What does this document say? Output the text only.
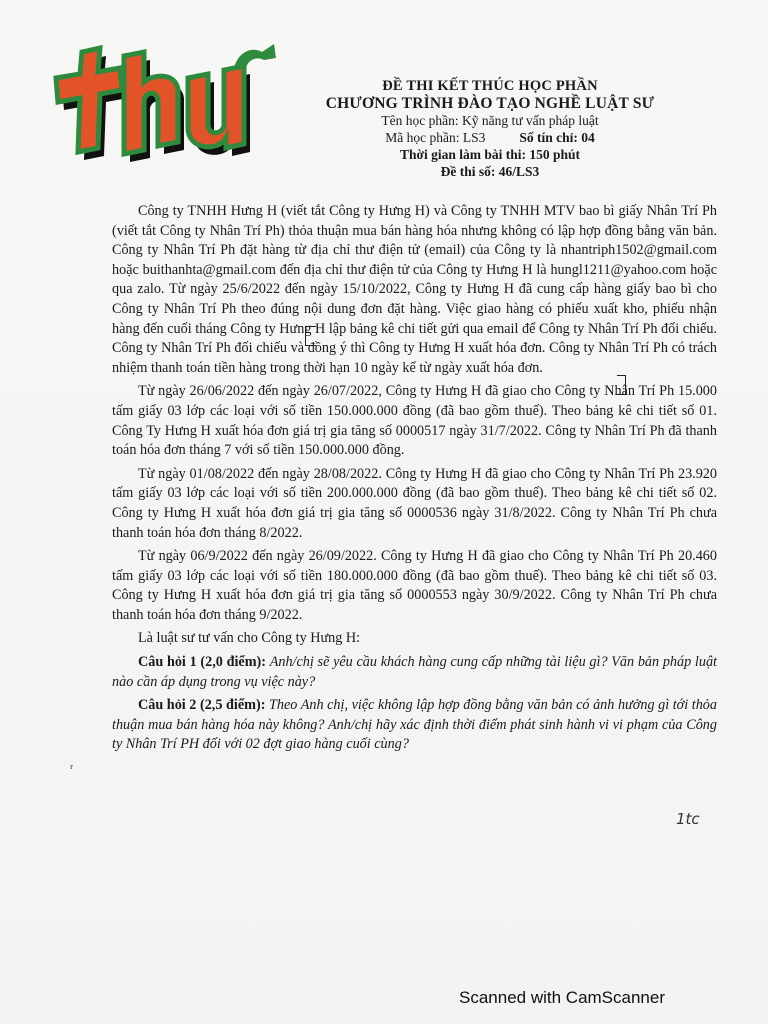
ĐỀ THI KẾT THÚC HỌC PHẦN
CHƯƠNG TRÌNH ĐÀO TẠO NGHỀ LUẬT SƯ
Tên học phần: Kỹ năng tư vấn pháp luật
Mã học phần: LS3	Số tín chỉ: 04
Thời gian làm bài thi: 150 phút
Đề thi số: 46/LS3

Công ty TNHH Hưng H (viết tắt Công ty Hưng H) và Công ty TNHH MTV bao bì giấy Nhân Trí Ph (viết tắt Công ty Nhân Trí Ph) thỏa thuận mua bán hàng hóa nhưng không có lập hợp đồng bằng văn bản. Công ty Nhân Trí Ph đặt hàng từ địa chỉ thư điện tử (email) của Công ty là nhantriph1502@gmail.com hoặc buithanhta@gmail.com đến địa chỉ thư điện tử của Công ty Hưng H là hungl1211@yahoo.com hoặc qua zalo. Từ ngày 25/6/2022 đến ngày 15/10/2022, Công ty Hưng H đã cung cấp hàng giấy bao bì cho Công ty Nhân Trí Ph theo đúng nội dung đơn đặt hàng. Việc giao hàng có phiếu xuất kho, phiếu nhận hàng đến cuối tháng Công ty Hưng H lập bảng kê chi tiết gửi qua email để Công ty Nhân Trí Ph đối chiếu. Công ty Nhân Trí Ph đối chiếu và đồng ý thì Công ty Hưng H xuất hóa đơn. Công ty Nhân Trí Ph có trách nhiệm thanh toán tiền hàng trong thời hạn 10 ngày kể từ ngày xuất hóa đơn.

Từ ngày 26/06/2022 đến ngày 26/07/2022, Công ty Hưng H đã giao cho Công ty Nhân Trí Ph 15.000 tấm giấy 03 lớp các loại với số tiền 150.000.000 đồng (đã bao gồm thuế). Theo bảng kê chi tiết số 01. Công Ty Hưng H xuất hóa đơn giá trị gia tăng số 0000517 ngày 31/7/2022. Công ty Nhân Trí Ph đã thanh toán hóa đơn tháng 7 với số tiền 150.000.000 đồng.

Từ ngày 01/08/2022 đến ngày 28/08/2022. Công ty Hưng H đã giao cho Công ty Nhân Trí Ph 23.920 tấm giấy 03 lớp các loại với số tiền 200.000.000 đồng (đã bao gồm thuế). Theo bảng kê chi tiết số 02. Công ty Hưng H xuất hóa đơn giá trị gia tăng số 0000536 ngày 31/8/2022. Công ty Nhân Trí Ph chưa thanh toán hóa đơn tháng 8/2022.

Từ ngày 06/9/2022 đến ngày 26/09/2022. Công ty Hưng H đã giao cho Công ty Nhân Trí Ph 20.460 tấm giấy 03 lớp các loại với số tiền 180.000.000 đồng (đã bao gồm thuế). Theo bảng kê chi tiết số 03. Công ty Hưng H xuất hóa đơn giá trị gia tăng số 0000553 ngày 30/9/2022. Công ty Nhân Trí Ph chưa thanh toán hóa đơn tháng 9/2022.

Là luật sư tư vấn cho Công ty Hưng H:

Câu hỏi 1 (2,0 điểm): Anh/chị sẽ yêu cầu khách hàng cung cấp những tài liệu gì? Văn bản pháp luật nào cần áp dụng trong vụ việc này?

Câu hỏi 2 (2,5 điểm): Theo Anh chị, việc không lập hợp đồng bằng văn bản có ảnh hưởng gì tới thỏa thuận mua bán hàng hóa này không? Anh/chị hãy xác định thời điểm phát sinh hành vi vi phạm của Công ty Nhân Trí PH đối với 02 đợt giao hàng cuối cùng?

ʳ
1tc
Scanned with CamScanner
